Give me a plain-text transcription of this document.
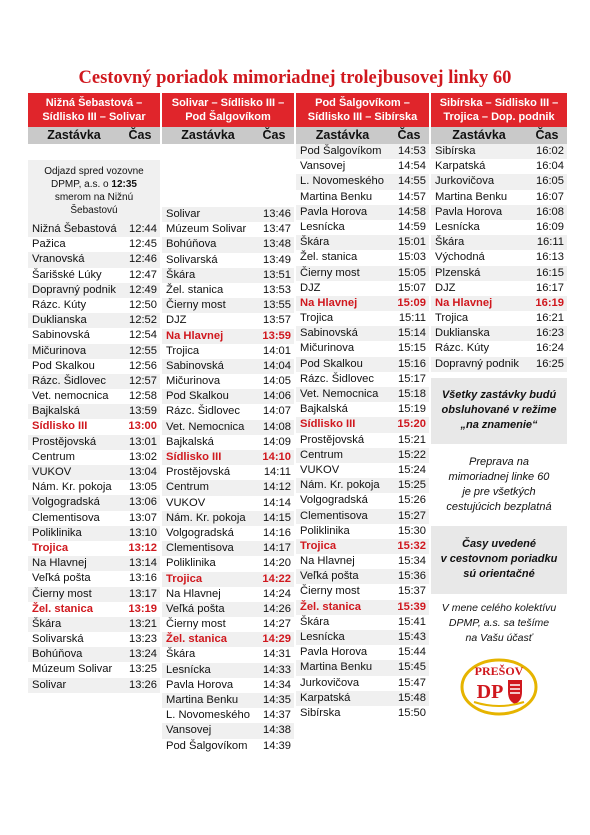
Cestovný poriadok mimoriadnej trolejbusovej linky 60
Nižná Šebastová –
Sídlisko III – Solivar
Solivar – Sídlisko III –
Pod Šalgovíkom
Pod Šalgovíkom –
Sídlisko III – Sibírska
Sibírska – Sídlisko III –
Trojica – Dop. podnik
Zastávka	Čas	Zastávka	Čas	Zastávka	Čas	Zastávka	Čas
Odjazd spred vozovne DPMP, a.s. o 12:35 smerom na Nižnú Šebastovú
Nižná Šebastová	12:44
Pažica	12:45
Vranovská	12:46
Šarišské Lúky	12:47
Dopravný podnik	12:49
Rázc. Kúty	12:50
Duklianska	12:52
Sabinovská	12:54
Mičurinova	12:55
Pod Skalkou	12:56
Rázc. Šidlovec	12:57
Vet. nemocnica	12:58
Bajkalská	13:59
Sídlisko III	13:00
Prostějovská	13:01
Centrum	13:02
VUKOV	13:04
Nám. Kr. pokoja	13:05
Volgogradská	13:06
Clementisova	13:07
Poliklinika	13:10
Trojica	13:12
Na Hlavnej	13:14
Veľká pošta	13:16
Čierny most	13:17
Žel. stanica	13:19
Škára	13:21
Solivarská	13:23
Bohúňova	13:24
Múzeum Solivar	13:25
Solivar	13:26
Solivar	13:46
Múzeum Solivar	13:47
Bohúňova	13:48
Solivarská	13:49
Škára	13:51
Žel. stanica	13:53
Čierny most	13:55
DJZ	13:57
Na Hlavnej	13:59
Trojica	14:01
Sabinovská	14:04
Mičurinova	14:05
Pod Skalkou	14:06
Rázc. Šidlovec	14:07
Vet. Nemocnica	14:08
Bajkalská	14:09
Sídlisko III	14:10
Prostějovská	14:11
Centrum	14:12
VUKOV	14:14
Nám. Kr. pokoja	14:15
Volgogradská	14:16
Clementisova	14:17
Poliklinika	14:20
Trojica	14:22
Na Hlavnej	14:24
Veľká pošta	14:26
Čierny most	14:27
Žel. stanica	14:29
Škára	14:31
Lesnícka	14:33
Pavla Horova	14:34
Martina Benku	14:35
L. Novomeského	14:37
Vansovej	14:38
Pod Šalgovíkom	14:39
Pod Šalgovíkom	14:53
Vansovej	14:54
L. Novomeského	14:55
Martina Benku	14:57
Pavla Horova	14:58
Lesnícka	14:59
Škára	15:01
Žel. stanica	15:03
Čierny most	15:05
DJZ	15:07
Na Hlavnej	15:09
Trojica	15:11
Sabinovská	15:14
Mičurinova	15:15
Pod Skalkou	15:16
Rázc. Šidlovec	15:17
Vet. Nemocnica	15:18
Bajkalská	15:19
Sídlisko III	15:20
Prostějovská	15:21
Centrum	15:22
VUKOV	15:24
Nám. Kr. pokoja	15:25
Volgogradská	15:26
Clementisova	15:27
Poliklinika	15:30
Trojica	15:32
Na Hlavnej	15:34
Veľká pošta	15:36
Čierny most	15:37
Žel. stanica	15:39
Škára	15:41
Lesnícka	15:43
Pavla Horova	15:44
Martina Benku	15:45
Jurkovičova	15:47
Karpatská	15:48
Sibírska	15:50
Sibírska	16:02
Karpatská	16:04
Jurkovičova	16:05
Martina Benku	16:07
Pavla Horova	16:08
Lesnícka	16:09
Škára	16:11
Východná	16:13
Plzenská	16:15
DJZ	16:17
Na Hlavnej	16:19
Trojica	16:21
Duklianska	16:23
Rázc. Kúty	16:24
Dopravný podnik	16:25
Všetky zastávky budú
obsluhované v režime
„na znamenie“
Preprava na
mimoriadnej linke 60
je pre všetkých
cestujúcich bezplatná
Časy uvedené
v cestovnom poriadku
sú orientačné
V mene celého kolektívu
DPMP, a.s. sa tešíme
na Vašu účasť
PREŠOV
DP
